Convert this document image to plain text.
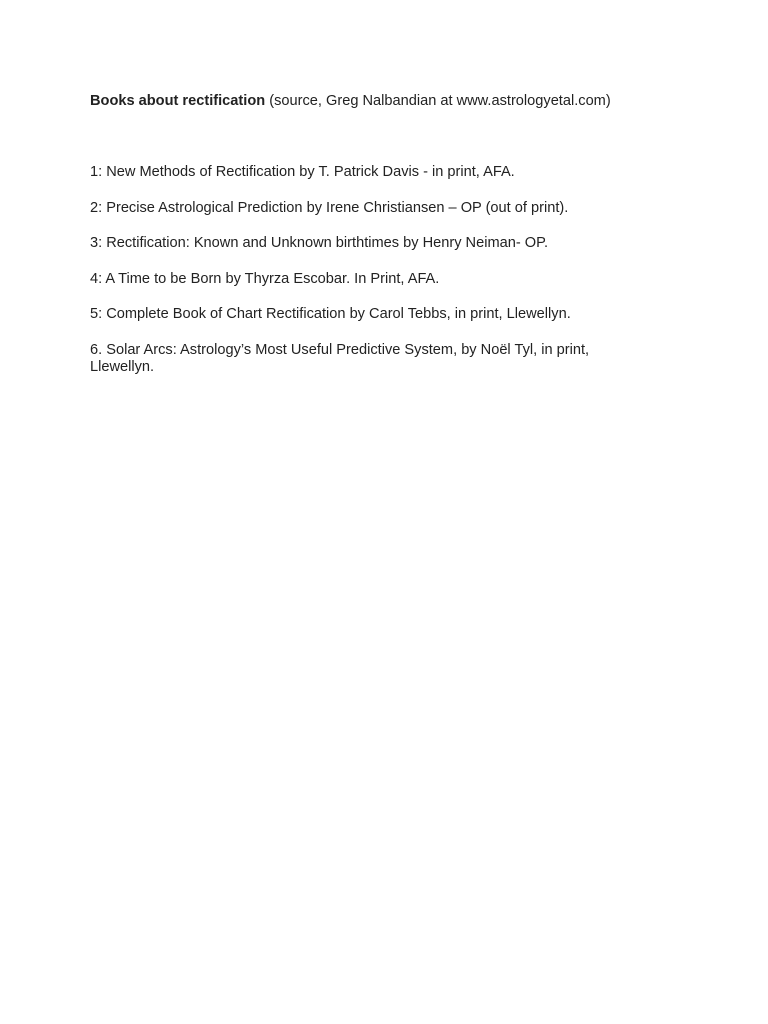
Books about rectification (source, Greg Nalbandian at www.astrologyetal.com)

1: New Methods of Rectification by T. Patrick Davis - in print, AFA.

2: Precise Astrological Prediction by Irene Christiansen – OP (out of print).

3: Rectification: Known and Unknown birthtimes by Henry Neiman- OP.

4: A Time to be Born by Thyrza Escobar. In Print, AFA.

5: Complete Book of Chart Rectification by Carol Tebbs, in print, Llewellyn.

6. Solar Arcs: Astrology’s Most Useful Predictive System, by Noël Tyl, in print, Llewellyn.
